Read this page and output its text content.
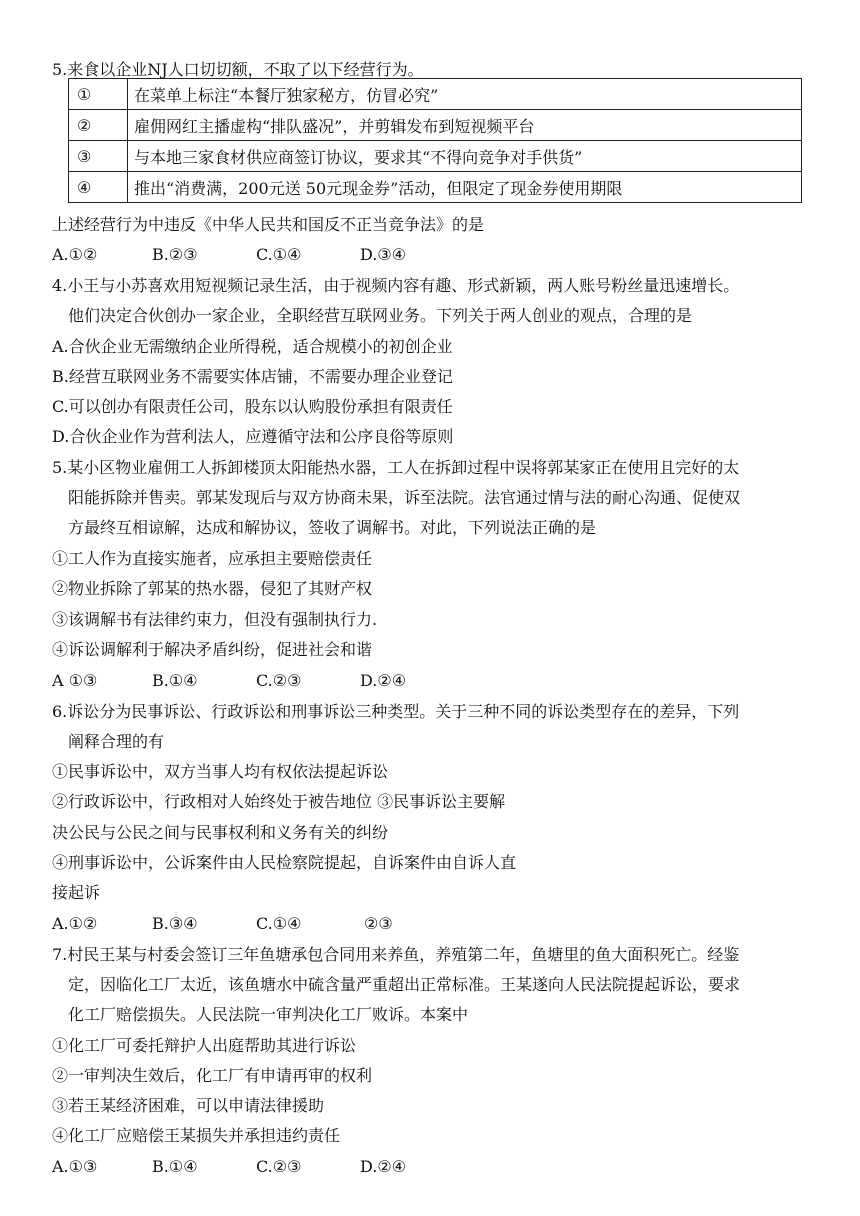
5.来食以企业NJ人口切切额，不取了以下经营行为。
①	在菜单上标注“本餐厅独家秘方，仿冒必究”
②	雇佣网红主播虚构“排队盛况”，并剪辑发布到短视频平台
③	与本地三家食材供应商签订协议，要求其“不得向竞争对手供货”
④	推出“消费满，200元送 50元现金券”活动，但限定了现金券使用期限
上述经营行为中违反《中华人民共和国反不正当竞争法》的是
A.①②	B.②③	C.①④	D.③④
4.小王与小苏喜欢用短视频记录生活，由于视频内容有趣、形式新颖，两人账号粉丝量迅速增长。
他们决定合伙创办一家企业，全职经营互联网业务。下列关于两人创业的观点，合理的是
A.合伙企业无需缴纳企业所得税，适合规模小的初创企业
B.经营互联网业务不需要实体店铺，不需要办理企业登记
C.可以创办有限责任公司，股东以认购股份承担有限责任
D.合伙企业作为营利法人，应遵循守法和公序良俗等原则
5.某小区物业雇佣工人拆卸楼顶太阳能热水器，工人在拆卸过程中误将郭某家正在使用且完好的太
阳能拆除并售卖。郭某发现后与双方协商未果，诉至法院。法官通过情与法的耐心沟通、促使双
方最终互相谅解，达成和解协议，签收了调解书。对此，下列说法正确的是
①工人作为直接实施者，应承担主要赔偿责任
②物业拆除了郭某的热水器，侵犯了其财产权
③该调解书有法律约束力，但没有强制执行力.
④诉讼调解利于解决矛盾纠纷，促进社会和谐
A ①③	B.①④	C.②③	D.②④
6.诉讼分为民事诉讼、行政诉讼和刑事诉讼三种类型。关于三种不同的诉讼类型存在的差异，下列
阐释合理的有
①民事诉讼中，双方当事人均有权依法提起诉讼
②行政诉讼中，行政相对人始终处于被告地位 ③民事诉讼主要解
决公民与公民之间与民事权利和义务有关的纠纷
④刑事诉讼中，公诉案件由人民检察院提起，自诉案件由自诉人直
接起诉
A.①②	B.③④	C.①④	②③
7.村民王某与村委会签订三年鱼塘承包合同用来养鱼，养殖第二年，鱼塘里的鱼大面积死亡。经鉴
定，因临化工厂太近，该鱼塘水中硫含量严重超出正常标准。王某遂向人民法院提起诉讼，要求
化工厂赔偿损失。人民法院一审判决化工厂败诉。本案中
①化工厂可委托辩护人出庭帮助其进行诉讼
②一审判决生效后，化工厂有申请再审的权利
③若王某经济困难，可以申请法律援助
④化工厂应赔偿王某损失并承担违约责任
A.①③	B.①④	C.②③	D.②④
